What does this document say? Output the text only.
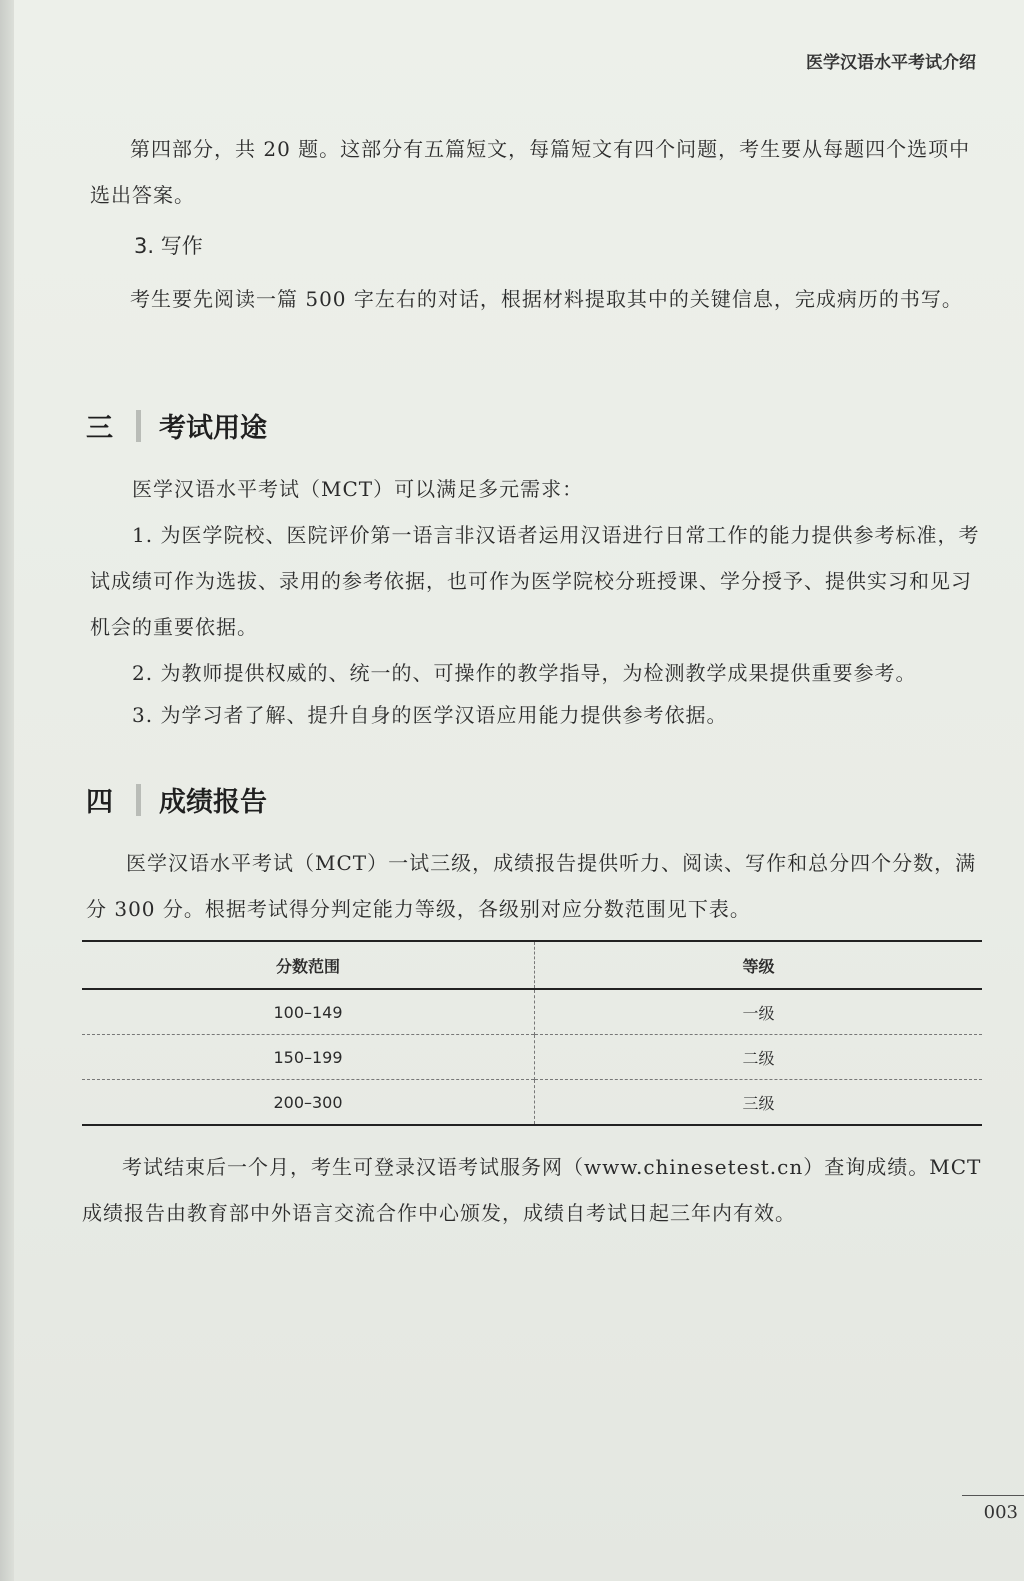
医学汉语水平考试介绍

第四部分，共 20 题。这部分有五篇短文，每篇短文有四个问题，考生要从每题四个选项中选出答案。

3. 写作

考生要先阅读一篇 500 字左右的对话，根据材料提取其中的关键信息，完成病历的书写。

三	考试用途

医学汉语水平考试（MCT）可以满足多元需求：

1. 为医学院校、医院评价第一语言非汉语者运用汉语进行日常工作的能力提供参考标准，考试成绩可作为选拔、录用的参考依据，也可作为医学院校分班授课、学分授予、提供实习和见习机会的重要依据。

2. 为教师提供权威的、统一的、可操作的教学指导，为检测教学成果提供重要参考。

3. 为学习者了解、提升自身的医学汉语应用能力提供参考依据。

四	成绩报告

医学汉语水平考试（MCT）一试三级，成绩报告提供听力、阅读、写作和总分四个分数，满分 300 分。根据考试得分判定能力等级，各级别对应分数范围见下表。

分数范围	等级
100–149	一级
150–199	二级
200–300	三级

考试结束后一个月，考生可登录汉语考试服务网（www.chinesetest.cn）查询成绩。MCT 成绩报告由教育部中外语言交流合作中心颁发，成绩自考试日起三年内有效。

003
